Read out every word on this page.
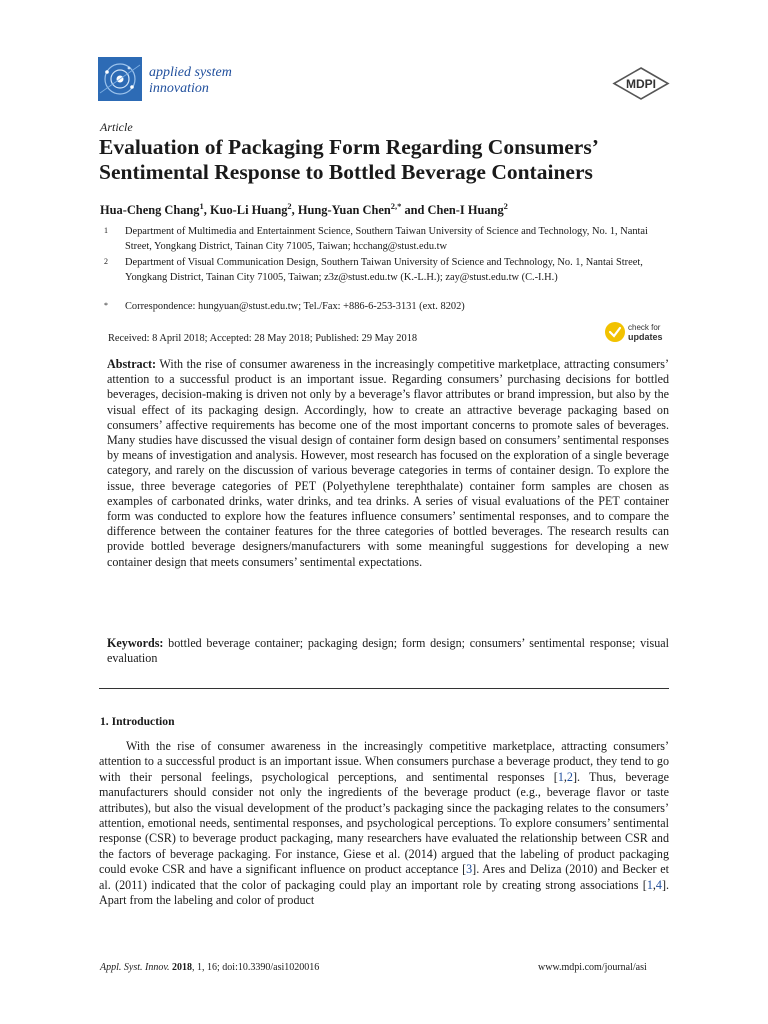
applied system
innovation	MDPI
Article
Evaluation of Packaging Form Regarding Consumers’ Sentimental Response to Bottled Beverage Containers
Hua-Cheng Chang$^1$, Kuo-Li Huang$^2$, Hung-Yuan Chen$^{2,*}$ and Chen-I Huang$^2$
1	Department of Multimedia and Entertainment Science, Southern Taiwan University of Science and Technology, No. 1, Nantai Street, Yongkang District, Tainan City 71005, Taiwan; hcchang@stust.edu.tw
2	Department of Visual Communication Design, Southern Taiwan University of Science and Technology, No. 1, Nantai Street, Yongkang District, Tainan City 71005, Taiwan; z3z@stust.edu.tw (K.-L.H.); zay@stust.edu.tw (C.-I.H.)
*	Correspondence: hungyuan@stust.edu.tw; Tel./Fax: +886-6-253-3131 (ext. 8202)
Received: 8 April 2018; Accepted: 28 May 2018; Published: 29 May 2018
check for
updates

Abstract: With the rise of consumer awareness in the increasingly competitive marketplace, attracting consumers’ attention to a successful product is an important issue. Regarding consumers’ purchasing decisions for bottled beverages, decision-making is driven not only by a beverage’s flavor attributes or brand impression, but also by the visual effect of its packaging design. Accordingly, how to create an attractive beverage packaging based on consumers’ affective requirements has become one of the most important concerns to promote sales of beverages. Many studies have discussed the visual design of container form design based on consumers’ sentimental responses by means of investigation and analysis. However, most research has focused on the exploration of a single beverage category, and rarely on the discussion of various beverage categories in terms of container design. To explore the issue, three beverage categories of PET (Polyethylene terephthalate) container form samples are chosen as examples of carbonated drinks, water drinks, and tea drinks. A series of visual evaluations of the PET container form was conducted to explore how the features influence consumers’ sentimental responses, and to compare the difference between the container features for the three categories of bottled beverages. The research results can provide bottled beverage designers/manufacturers with some meaningful suggestions for developing a new container design that meets consumers’ sentimental expectations.

Keywords: bottled beverage container; packaging design; form design; consumers’ sentimental response; visual evaluation

1. Introduction

With the rise of consumer awareness in the increasingly competitive marketplace, attracting consumers’ attention to a successful product is an important issue. When consumers purchase a beverage product, they tend to go with their personal feelings, psychological perceptions, and sentimental responses [1,2]. Thus, beverage manufacturers should consider not only the ingredients of the beverage product (e.g., beverage flavor or taste attributes), but also the visual development of the product’s packaging since the packaging relates to the consumers’ attention, emotional needs, sentimental responses, and psychological perceptions. To explore consumers’ sentimental response (CSR) to beverage product packaging, many researchers have evaluated the relationship between CSR and the factors of beverage packaging. For instance, Giese et al. (2014) argued that the labeling of product packaging could evoke CSR and have a significant influence on product acceptance [3]. Ares and Deliza (2010) and Becker et al. (2011) indicated that the color of packaging could play an important role by creating strong associations [1,4]. Apart from the labeling and color of product

Appl. Syst. Innov. 2018, 1, 16; doi:10.3390/asi1020016	www.mdpi.com/journal/asi
